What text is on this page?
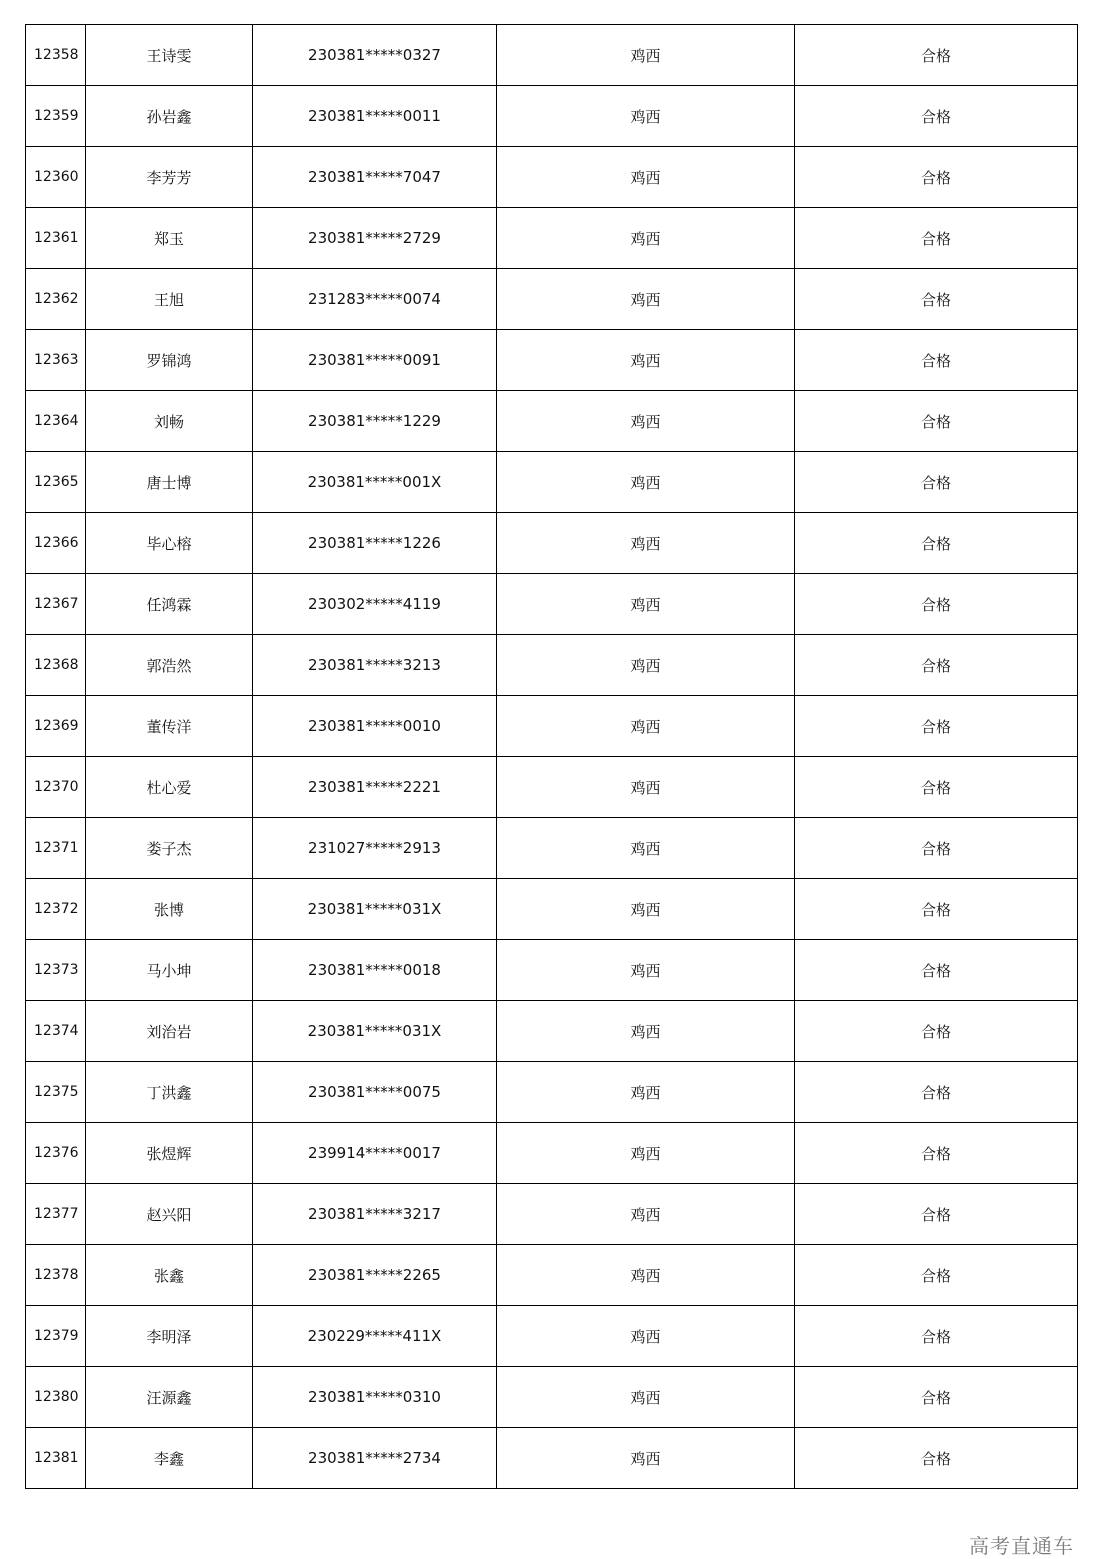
12358	王诗雯	230381*****0327	鸡西	合格
12359	孙岩鑫	230381*****0011	鸡西	合格
12360	李芳芳	230381*****7047	鸡西	合格
12361	郑玉	230381*****2729	鸡西	合格
12362	王旭	231283*****0074	鸡西	合格
12363	罗锦鸿	230381*****0091	鸡西	合格
12364	刘畅	230381*****1229	鸡西	合格
12365	唐士博	230381*****001X	鸡西	合格
12366	毕心榕	230381*****1226	鸡西	合格
12367	任鸿霖	230302*****4119	鸡西	合格
12368	郭浩然	230381*****3213	鸡西	合格
12369	董传洋	230381*****0010	鸡西	合格
12370	杜心爱	230381*****2221	鸡西	合格
12371	娄子杰	231027*****2913	鸡西	合格
12372	张博	230381*****031X	鸡西	合格
12373	马小坤	230381*****0018	鸡西	合格
12374	刘治岩	230381*****031X	鸡西	合格
12375	丁洪鑫	230381*****0075	鸡西	合格
12376	张煜辉	239914*****0017	鸡西	合格
12377	赵兴阳	230381*****3217	鸡西	合格
12378	张鑫	230381*****2265	鸡西	合格
12379	李明泽	230229*****411X	鸡西	合格
12380	汪源鑫	230381*****0310	鸡西	合格
12381	李鑫	230381*****2734	鸡西	合格
高考直通车
